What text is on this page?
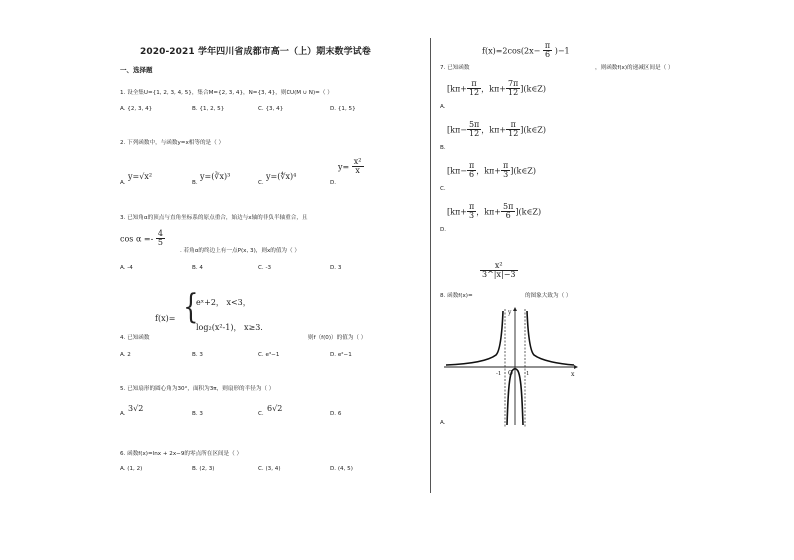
2020-2021 学年四川省成都市高一（上）期末数学试卷
一、选择题
1. 设全集U={1, 2, 3, 4, 5}，集合M={2, 3, 4}，N={3, 4}，则∁U(M ∪ N)=（ ）
A. {2, 3, 4}	B. {1, 2, 5}	C. {3, 4}	D. {1, 5}
2. 下列函数中，与函数y=x相等的是（ ）
A.
y=√x²
B.
y=(∛x)³
C.
y=(∜x)⁴
D.
$y= \frac{\text{x²}}{x}$
3. 已知角α的顶点与直角坐标系的原点重合，始边与x轴的非负半轴重合，且
$\cos \alpha =- \frac{4}{5}$
. 若角α的终边上有一点P(x, 3)，则x的值为（ ）
A. -4	B. 4	C. -3	D. 3
f(x)= {
eˣ+2， x<3，
log₂(x²-1)， x≥3.
4. 已知函数	则f（f(0)）的值为（ ）
A. 2	B. 3	C. e³−1	D. e²−1
5. 已知扇形的圆心角为30°，面积为3π，则扇形的半径为（ ）
A.
3√2
B. 3	C.
6√2
D. 6
6. 函数f(x)=lnx + 2x−9的零点所在区间是（ ）
A. (1, 2)	B. (2, 3)	C. (3, 4)	D. (4, 5)
7. 已知函数
$f(x)=2\cos(2x- \frac{\pi}{6} )-1$
，则函数f(x)的递减区间是（ ）
A.
[$k\pi+ \frac{\pi}{12}$ ，$k\pi+ \frac{7\pi}{12}$ ](k∈Z)
B.
[$k\pi- \frac{5\pi}{12}$ ，$k\pi+ \frac{\pi}{12}$ ](k∈Z)
C.
[$k\pi- \frac{\pi}{6}$ ，$k\pi+ \frac{\pi}{3}$ ](k∈Z)
D.
[$k\pi+ \frac{\pi}{3}$ ，$k\pi+ \frac{5\pi}{6}$ ](k∈Z)
$\frac{\text{x²}}{3\^{}|x|-3}$
8. 函数f(x)=	的图象大致为（ ）
y
x
O
-1	1
A.
